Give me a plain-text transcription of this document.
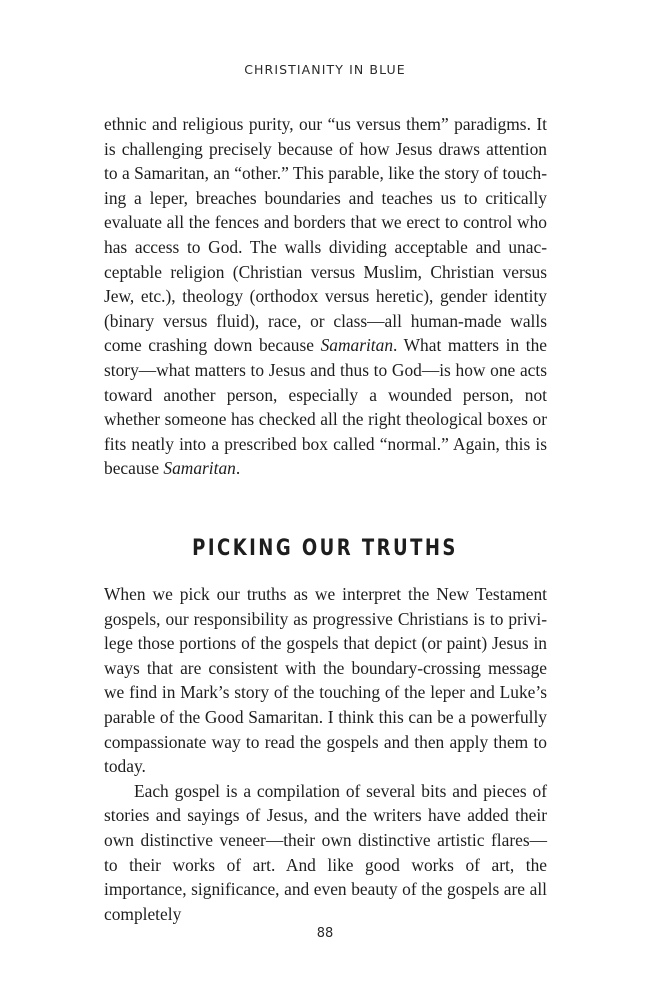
CHRISTIANITY IN BLUE

ethnic and religious purity, our “us versus them” paradigms. It is challenging precisely because of how Jesus draws attention to a Samaritan, an “other.” This parable, like the story of touching a leper, breaches boundaries and teaches us to critically evaluate all the fences and borders that we erect to control who has access to God. The walls dividing acceptable and unacceptable religion (Christian versus Muslim, Christian versus Jew, etc.), theology (orthodox versus heretic), gender identity (binary versus fluid), race, or class—all human-made walls come crashing down because Samaritan. What matters in the story—what matters to Jesus and thus to God—is how one acts toward another person, especially a wounded person, not whether someone has checked all the right theological boxes or fits neatly into a prescribed box called “normal.” Again, this is because Samaritan.

PICKING OUR TRUTHS

When we pick our truths as we interpret the New Testament gospels, our responsibility as progressive Christians is to privilege those portions of the gospels that depict (or paint) Jesus in ways that are consistent with the boundary-crossing message we find in Mark’s story of the touching of the leper and Luke’s parable of the Good Samaritan. I think this can be a powerfully compassionate way to read the gospels and then apply them to today.

Each gospel is a compilation of several bits and pieces of stories and sayings of Jesus, and the writers have added their own distinctive veneer—their own distinctive artistic flares—to their works of art. And like good works of art, the importance, significance, and even beauty of the gospels are all completely

88
